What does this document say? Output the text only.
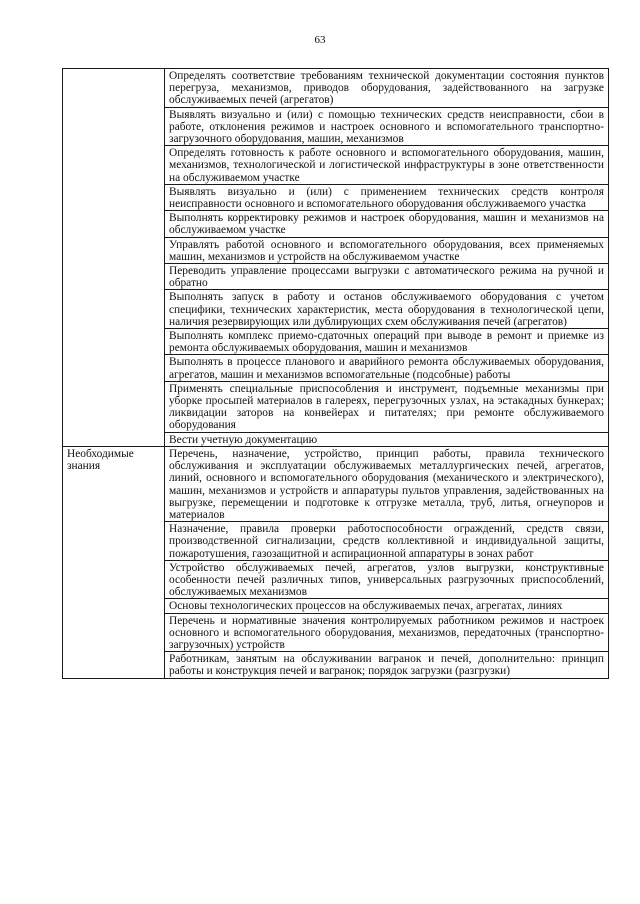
63
	Определять соответствие требованиям технической документации состояния пунктов перегруза, механизмов, приводов оборудования, задействованного на загрузке обслуживаемых печей (агрегатов)
	Выявлять визуально и (или) с помощью технических средств неисправности, сбои в работе, отклонения режимов и настроек основного и вспомогательного транспортно-загрузочного оборудования, машин, механизмов
	Определять готовность к работе основного и вспомогательного оборудования, машин, механизмов, технологической и логистической инфраструктуры в зоне ответственности на обслуживаемом участке
	Выявлять визуально и (или) с применением технических средств контроля неисправности основного и вспомогательного оборудования обслуживаемого участка
	Выполнять корректировку режимов и настроек оборудования, машин и механизмов на обслуживаемом участке
	Управлять работой основного и вспомогательного оборудования, всех применяемых машин, механизмов и устройств на обслуживаемом участке
	Переводить управление процессами выгрузки с автоматического режима на ручной и обратно
	Выполнять запуск в работу и останов обслуживаемого оборудования с учетом специфики, технических характеристик, места оборудования в технологической цепи, наличия резервирующих или дублирующих схем обслуживания печей (агрегатов)
	Выполнять комплекс приемо-сдаточных операций при выводе в ремонт и приемке из ремонта обслуживаемых оборудования, машин и механизмов
	Выполнять в процессе планового и аварийного ремонта обслуживаемых оборудования, агрегатов, машин и механизмов вспомогательные (подсобные) работы
	Применять специальные приспособления и инструмент, подъемные механизмы при уборке просыпей материалов в галереях, перегрузочных узлах, на эстакадных бункерах; ликвидации заторов на конвейерах и питателях; при ремонте обслуживаемого оборудования
	Вести учетную документацию
Необходимые знания	Перечень, назначение, устройство, принцип работы, правила технического обслуживания и эксплуатации обслуживаемых металлургических печей, агрегатов, линий, основного и вспомогательного оборудования (механического и электрического), машин, механизмов и устройств и аппаратуры пультов управления, задействованных на выгрузке, перемещении и подготовке к отгрузке металла, труб, литья, огнеупоров и материалов
	Назначение, правила проверки работоспособности ограждений, средств связи, производственной сигнализации, средств коллективной и индивидуальной защиты, пожаротушения, газозащитной и аспирационной аппаратуры в зонах работ
	Устройство обслуживаемых печей, агрегатов, узлов выгрузки, конструктивные особенности печей различных типов, универсальных разгрузочных приспособлений, обслуживаемых механизмов
	Основы технологических процессов на обслуживаемых печах, агрегатах, линиях
	Перечень и нормативные значения контролируемых работником режимов и настроек основного и вспомогательного оборудования, механизмов, передаточных (транспортно-загрузочных) устройств
	Работникам, занятым на обслуживании вагранок и печей, дополнительно: принцип работы и конструкция печей и вагранок; порядок загрузки (разгрузки)
